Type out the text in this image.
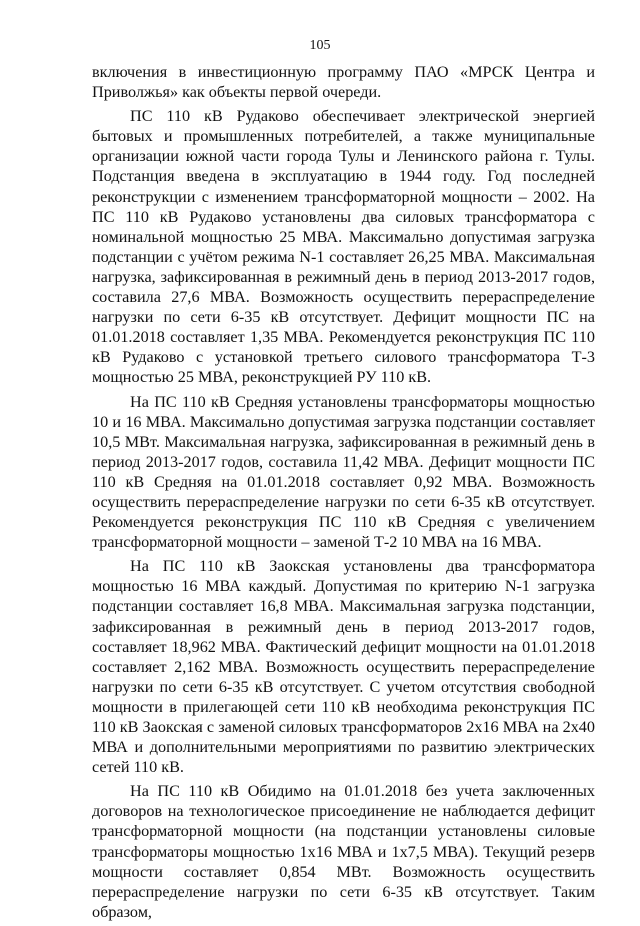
105

включения в инвестиционную программу ПАО «МРСК Центра и Приволжья» как объекты первой очереди.

ПС 110 кВ Рудаково обеспечивает электрической энергией бытовых и промышленных потребителей, а также муниципальные организации южной части города Тулы и Ленинского района г. Тулы. Подстанция введена в эксплуатацию в 1944 году. Год последней реконструкции с изменением трансформаторной мощности – 2002. На ПС 110 кВ Рудаково установлены два силовых трансформатора с номинальной мощностью 25 МВА. Максимально допустимая загрузка подстанции с учётом режима N-1 составляет 26,25 МВА. Максимальная нагрузка, зафиксированная в режимный день в период 2013-2017 годов, составила 27,6 МВА. Возможность осуществить перераспределение нагрузки по сети 6-35 кВ отсутствует. Дефицит мощности ПС на 01.01.2018 составляет 1,35 МВА. Рекомендуется реконструкция ПС 110 кВ Рудаково с установкой третьего силового трансформатора Т-3 мощностью 25 МВА, реконструкцией РУ 110 кВ.

На ПС 110 кВ Средняя установлены трансформаторы мощностью 10 и 16 МВА. Максимально допустимая загрузка подстанции составляет 10,5 МВт. Максимальная нагрузка, зафиксированная в режимный день в период 2013-2017 годов, составила 11,42 МВА. Дефицит мощности ПС 110 кВ Средняя на 01.01.2018 составляет 0,92 МВА. Возможность осуществить перераспределение нагрузки по сети 6-35 кВ отсутствует. Рекомендуется реконструкция ПС 110 кВ Средняя с увеличением трансформаторной мощности – заменой Т-2 10 МВА на 16 МВА.

На ПС 110 кВ Заокская установлены два трансформатора мощностью 16 МВА каждый. Допустимая по критерию N-1 загрузка подстанции составляет 16,8 МВА. Максимальная загрузка подстанции, зафиксированная в режимный день в период 2013-2017 годов, составляет 18,962 МВА. Фактический дефицит мощности на 01.01.2018 составляет 2,162 МВА. Возможность осуществить перераспределение нагрузки по сети 6-35 кВ отсутствует. С учетом отсутствия свободной мощности в прилегающей сети 110 кВ необходима реконструкция ПС 110 кВ Заокская с заменой силовых трансформаторов 2х16 МВА на 2х40 МВА и дополнительными мероприятиями по развитию электрических сетей 110 кВ.

На ПС 110 кВ Обидимо на 01.01.2018 без учета заключенных договоров на технологическое присоединение не наблюдается дефицит трансформаторной мощности (на подстанции установлены силовые трансформаторы мощностью 1х16 МВА и 1х7,5 МВА). Текущий резерв мощности составляет 0,854 МВт. Возможность осуществить перераспределение нагрузки по сети 6-35 кВ отсутствует. Таким образом,
